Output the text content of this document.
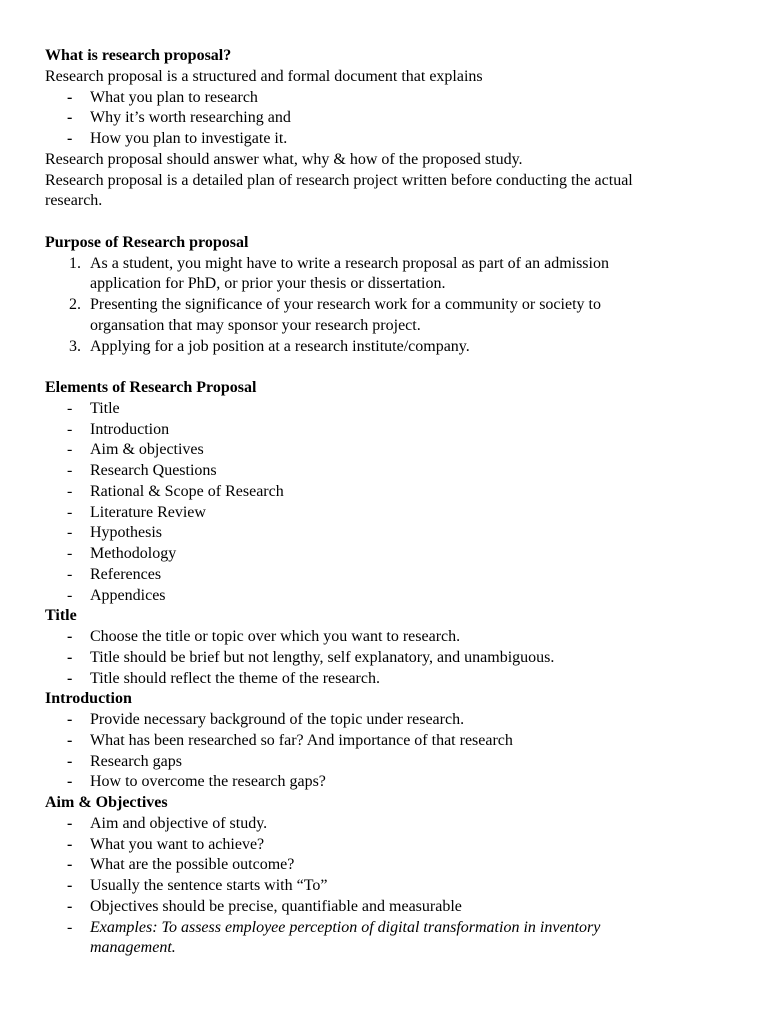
What is research proposal?
Research proposal is a structured and formal document that explains
-	What you plan to research
-	Why it’s worth researching and
-	How you plan to investigate it.
Research proposal should answer what, why & how of the proposed study.
Research proposal is a detailed plan of research project written before conducting the actual
research.
Purpose of Research proposal
1. As a student, you might have to write a research proposal as part of an admission
application for PhD, or prior your thesis or dissertation.
2. Presenting the significance of your research work for a community or society to
organsation that may sponsor your research project.
3. Applying for a job position at a research institute/company.
Elements of Research Proposal
-	Title
-	Introduction
-	Aim & objectives
-	Research Questions
-	Rational & Scope of Research
-	Literature Review
-	Hypothesis
-	Methodology
-	References
-	Appendices
Title
-	Choose the title or topic over which you want to research.
-	Title should be brief but not lengthy, self explanatory, and unambiguous.
-	Title should reflect the theme of the research.
Introduction
-	Provide necessary background of the topic under research.
-	What has been researched so far? And importance of that research
-	Research gaps
-	How to overcome the research gaps?
Aim & Objectives
-	Aim and objective of study.
-	What you want to achieve?
-	What are the possible outcome?
-	Usually the sentence starts with “To”
-	Objectives should be precise, quantifiable and measurable
-	Examples: To assess employee perception of digital transformation in inventory
management.
